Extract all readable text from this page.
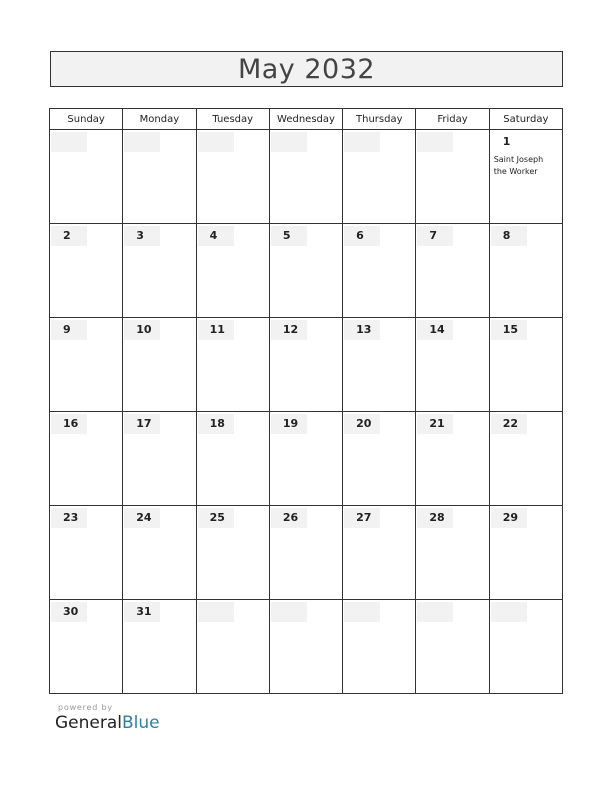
May 2032
Sunday	Monday	Tuesday	Wednesday	Thursday	Friday	Saturday

						1
Saint Joseph the Worker

2	3	4	5	6	7	8

9	10	11	12	13	14	15

16	17	18	19	20	21	22

23	24	25	26	27	28	29

30	31					

powered by
GeneralBlue
